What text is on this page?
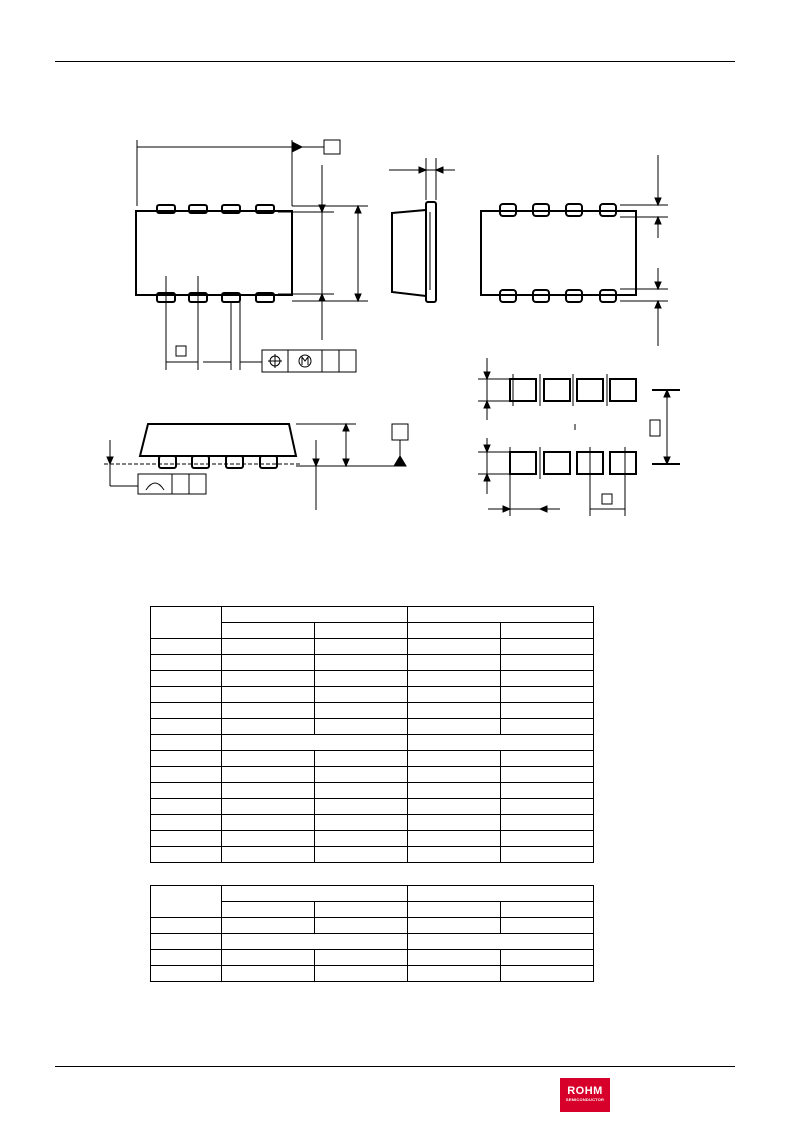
ROHM
SEMICONDUCTOR
